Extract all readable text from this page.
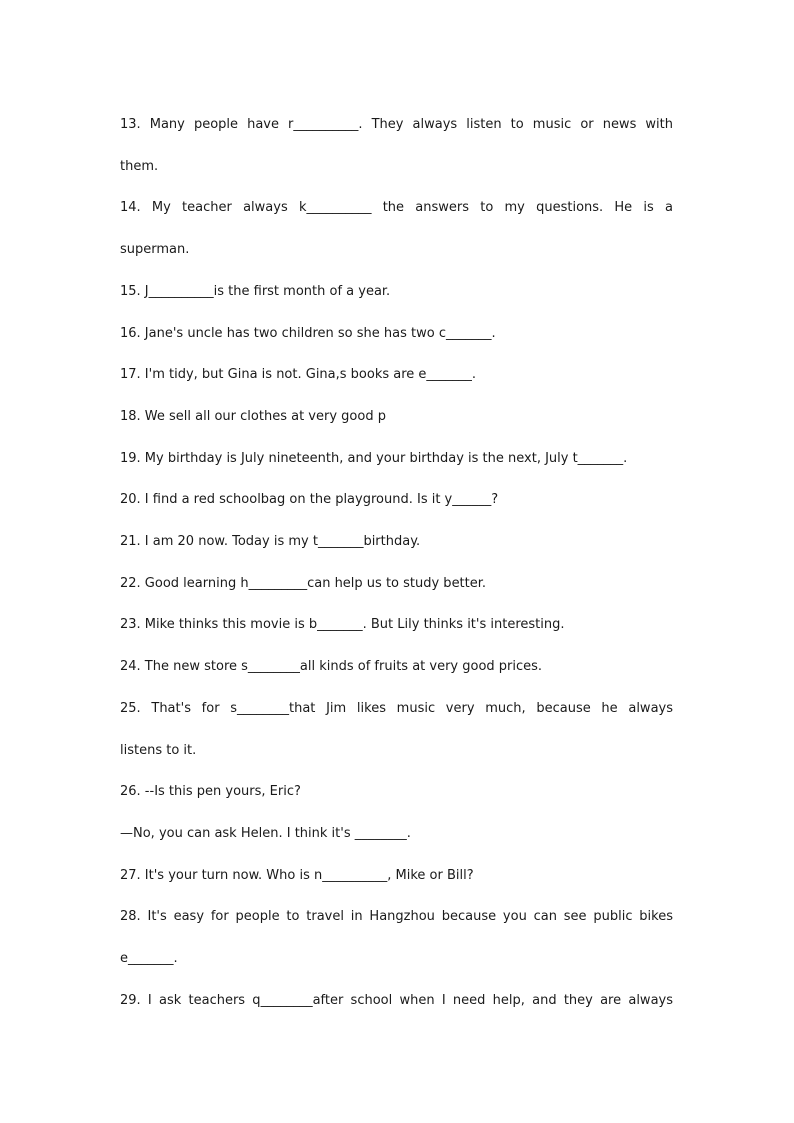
13. Many people have r__________. They always listen to music or news with
them.
14. My teacher always k__________ the answers to my questions. He is a
superman.
15. J__________is the first month of a year.
16. Jane's uncle has two children so she has two c_______.
17. I'm tidy, but Gina is not. Gina,s books are e_______.
18. We sell all our clothes at very good p
19. My birthday is July nineteenth, and your birthday is the next, July t_______.
20. I find a red schoolbag on the playground. Is it y______?
21. I am 20 now. Today is my t_______birthday.
22. Good learning h_________can help us to study better.
23. Mike thinks this movie is b_______. But Lily thinks it's interesting.
24. The new store s________all kinds of fruits at very good prices.
25. That's for s________that Jim likes music very much, because he always
listens to it.
26. --Is this pen yours, Eric?
—No, you can ask Helen. I think it's ________.
27. It's your turn now. Who is n__________, Mike or Bill?
28. It's easy for people to travel in Hangzhou because you can see public bikes
e_______.
29. I ask teachers q________after school when I need help, and they are always
